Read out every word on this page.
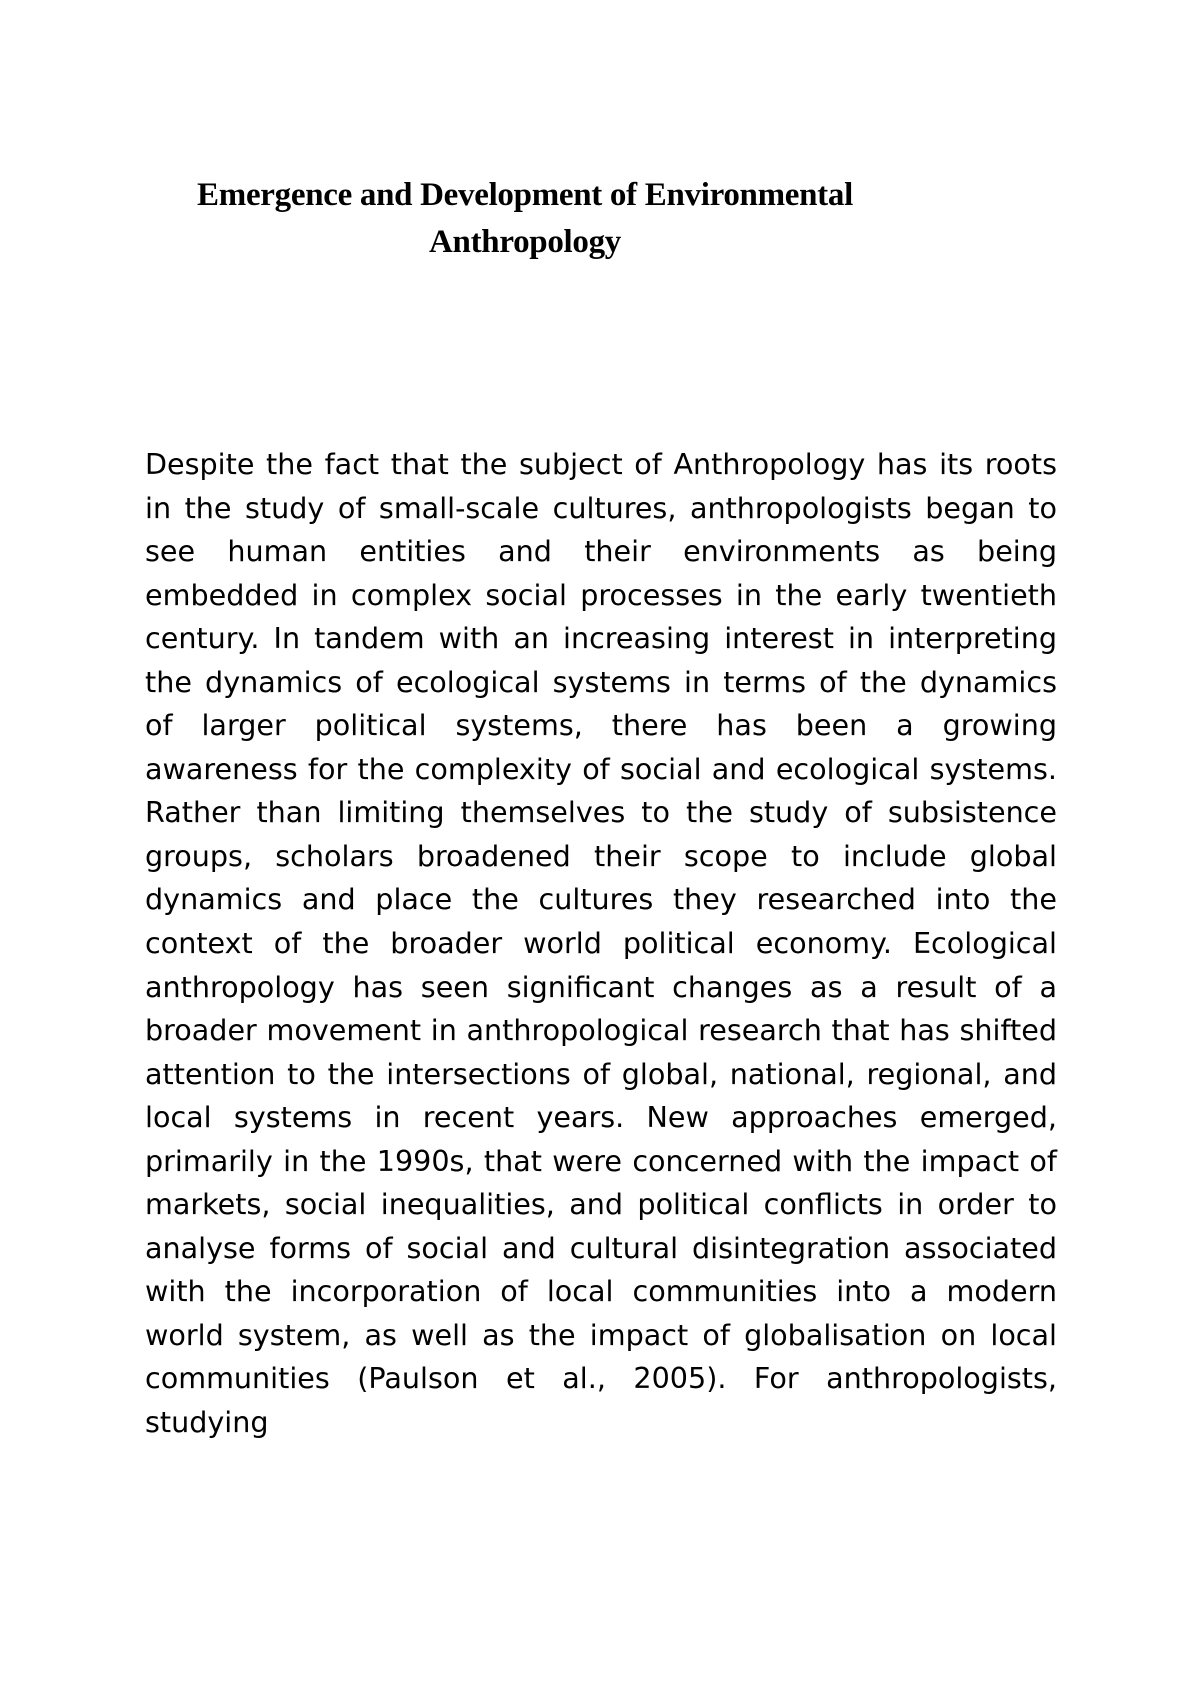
Emergence and Development of Environmental Anthropology

Despite the fact that the subject of Anthropology has its roots in the study of small-scale cultures, anthropologists began to see human entities and their environments as being embedded in complex social processes in the early twentieth century. In tandem with an increasing interest in interpreting the dynamics of ecological systems in terms of the dynamics of larger political systems, there has been a growing awareness for the complexity of social and ecological systems. Rather than limiting themselves to the study of subsistence groups, scholars broadened their scope to include global dynamics and place the cultures they researched into the context of the broader world political economy. Ecological anthropology has seen significant changes as a result of a broader movement in anthropological research that has shifted attention to the intersections of global, national, regional, and local systems in recent years. New approaches emerged, primarily in the 1990s, that were concerned with the impact of markets, social inequalities, and political conflicts in order to analyse forms of social and cultural disintegration associated with the incorporation of local communities into a modern world system, as well as the impact of globalisation on local communities (Paulson et al., 2005). For anthropologists, studying
